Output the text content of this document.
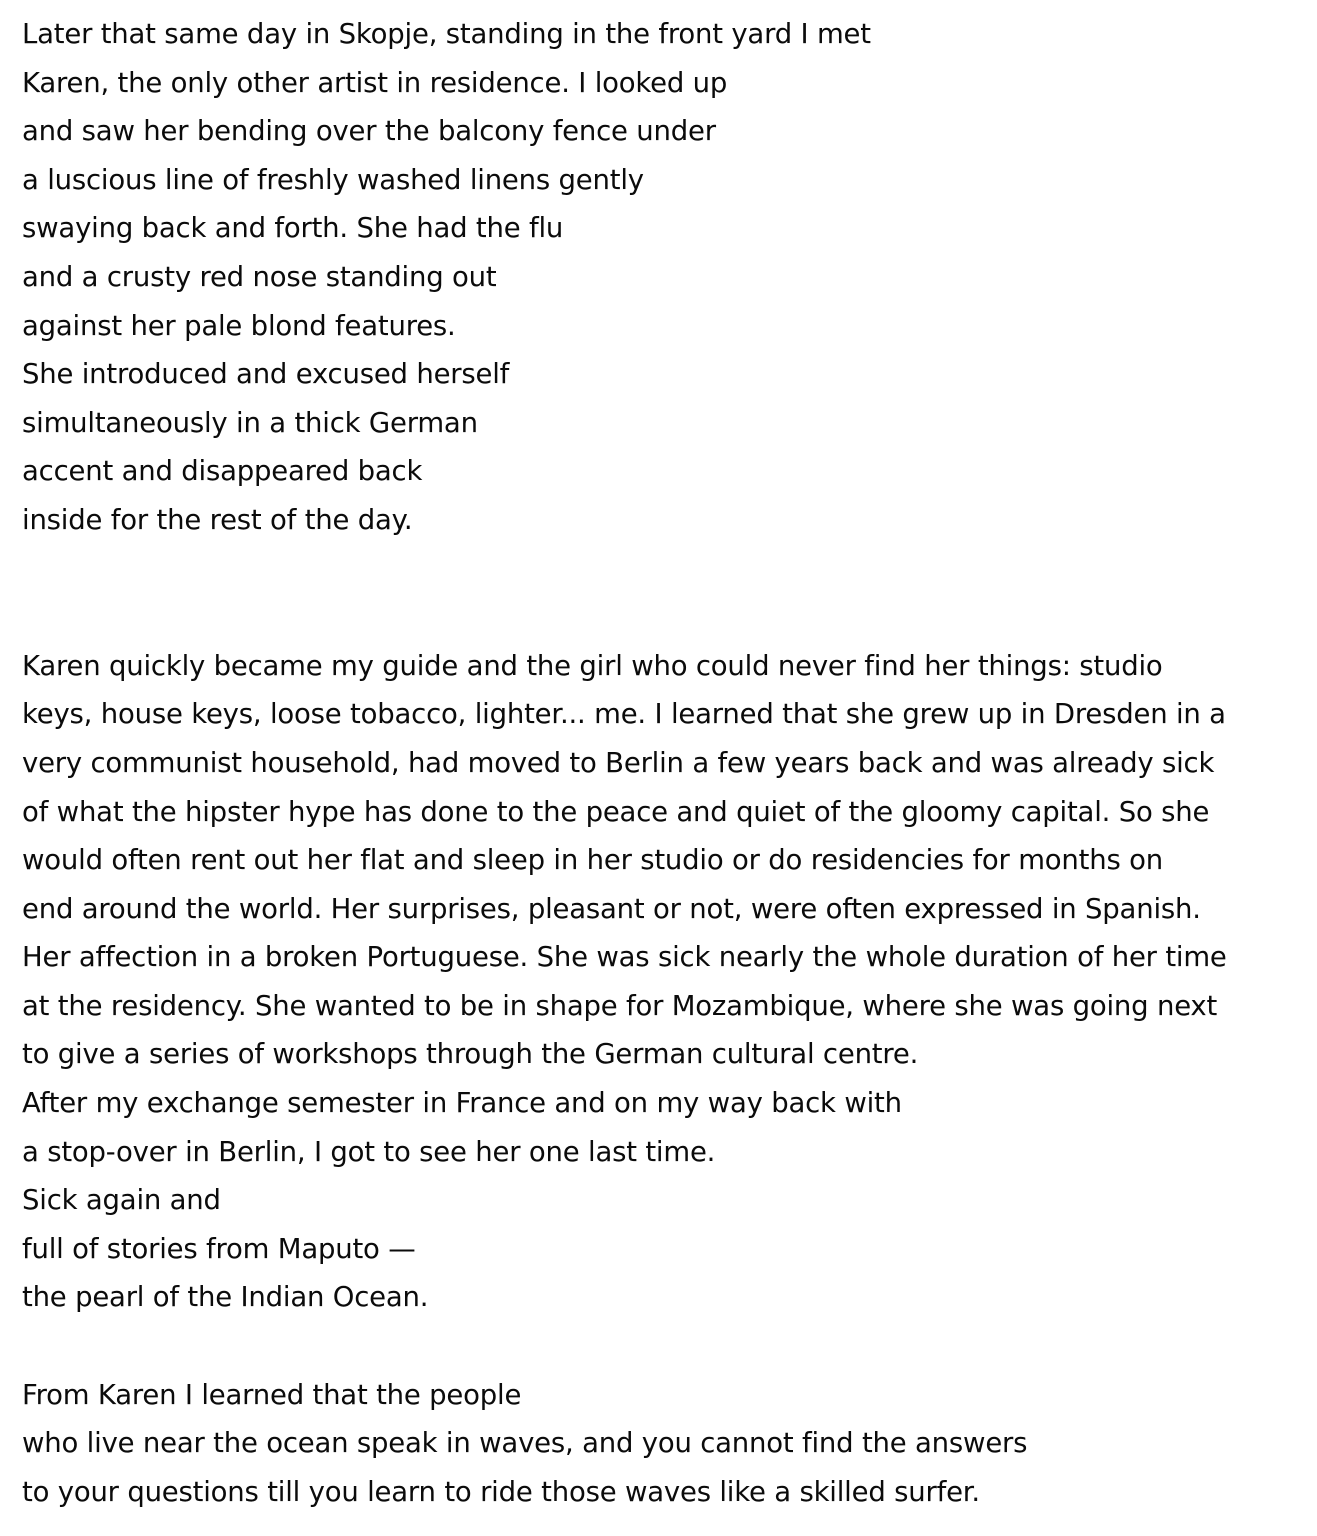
Later that same day in Skopje, standing in the front yard I met
Karen, the only other artist in residence. I looked up
and saw her bending over the balcony fence under
a luscious line of freshly washed linens gently
swaying back and forth. She had the flu
and a crusty red nose standing out
against her pale blond features.
She introduced and excused herself
simultaneously in a thick German
accent and disappeared back
inside for the rest of the day.
Karen quickly became my guide and the girl who could never find her things: studio
keys, house keys, loose tobacco, lighter... me. I learned that she grew up in Dresden in a
very communist household, had moved to Berlin a few years back and was already sick
of what the hipster hype has done to the peace and quiet of the gloomy capital. So she
would often rent out her flat and sleep in her studio or do residencies for months on
end around the world. Her surprises, pleasant or not, were often expressed in Spanish.
Her affection in a broken Portuguese. She was sick nearly the whole duration of her time
at the residency. She wanted to be in shape for Mozambique, where she was going next
to give a series of workshops through the German cultural centre.
After my exchange semester in France and on my way back with
a stop-over in Berlin, I got to see her one last time.
Sick again and
full of stories from Maputo —
the pearl of the Indian Ocean.
From Karen I learned that the people
who live near the ocean speak in waves, and you cannot find the answers
to your questions till you learn to ride those waves like a skilled surfer.
